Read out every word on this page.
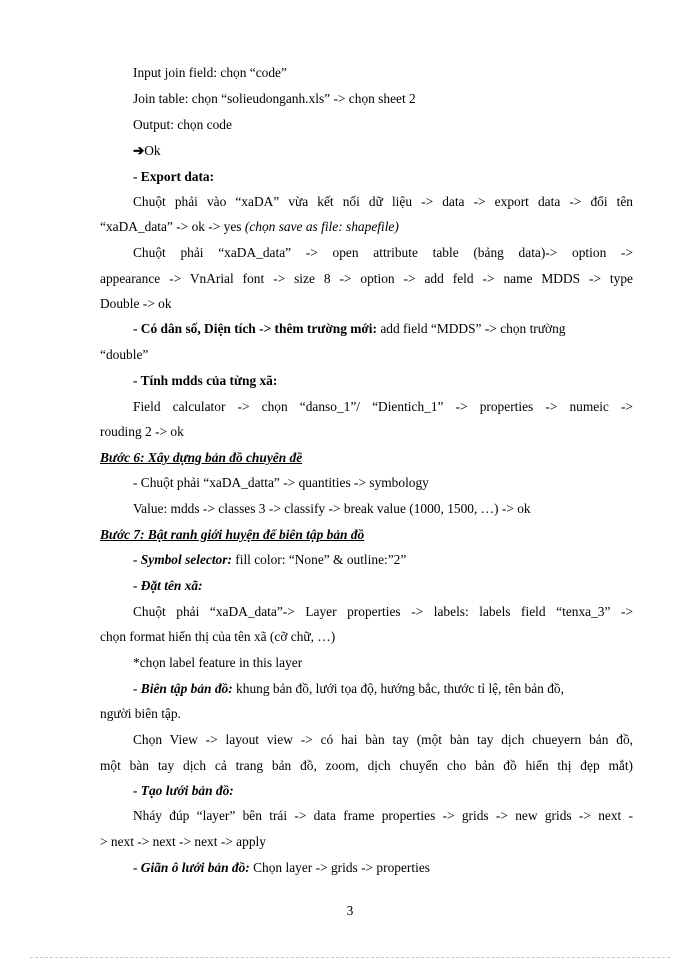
Input join field: chọn “code”
Join table: chọn “solieudonganh.xls” -> chọn sheet 2
Output: chọn code
➔Ok
- Export data:
Chuột phải vào “xaDA” vừa kết nối dữ liệu -> data -> export data -> đổi tên
“xaDA_data” -> ok -> yes (chọn save as file: shapefile)
Chuột phải “xaDA_data” -> open attribute table (bảng data)-> option ->
appearance -> VnArial font -> size 8 -> option -> add feld -> name MDDS -> type
Double -> ok
- Có dân số, Diện tích -> thêm trường mới: add field “MDDS” -> chọn trường
“double”
- Tính mdds của từng xã:
Field calculator -> chọn “danso_1”/ “Dientich_1” -> properties -> numeic ->
rouding 2 -> ok
Bước 6: Xây dựng bản đồ chuyên đề
- Chuột phải “xaDA_datta” -> quantities -> symbology
Value: mdds -> classes 3 -> classify -> break value (1000, 1500, …) -> ok
Bước 7: Bật ranh giới huyện để biên tập bản đồ
- Symbol selector: fill color: “None” & outline:”2”
- Đặt tên xã:
Chuột phải “xaDA_data”-> Layer properties -> labels: labels field “tenxa_3” ->
chọn format hiển thị của tên xã (cỡ chữ, …)
*chọn label feature in this layer
- Biên tập bản đồ: khung bản đồ, lưới tọa độ, hướng bắc, thước tỉ lệ, tên bản đồ,
người biên tập.
Chọn View -> layout view -> có hai bàn tay (một bàn tay dịch chueyern bản đồ,
một bàn tay dịch cả trang bản đồ, zoom, dịch chuyển cho bản đồ hiển thị đẹp mắt)
- Tạo lưới bản đồ:
Nháy đúp “layer” bên trái -> data frame properties -> grids -> new grids -> next -
> next -> next -> next -> apply
- Giãn ô lưới bản đồ: Chọn layer -> grids -> properties
3
